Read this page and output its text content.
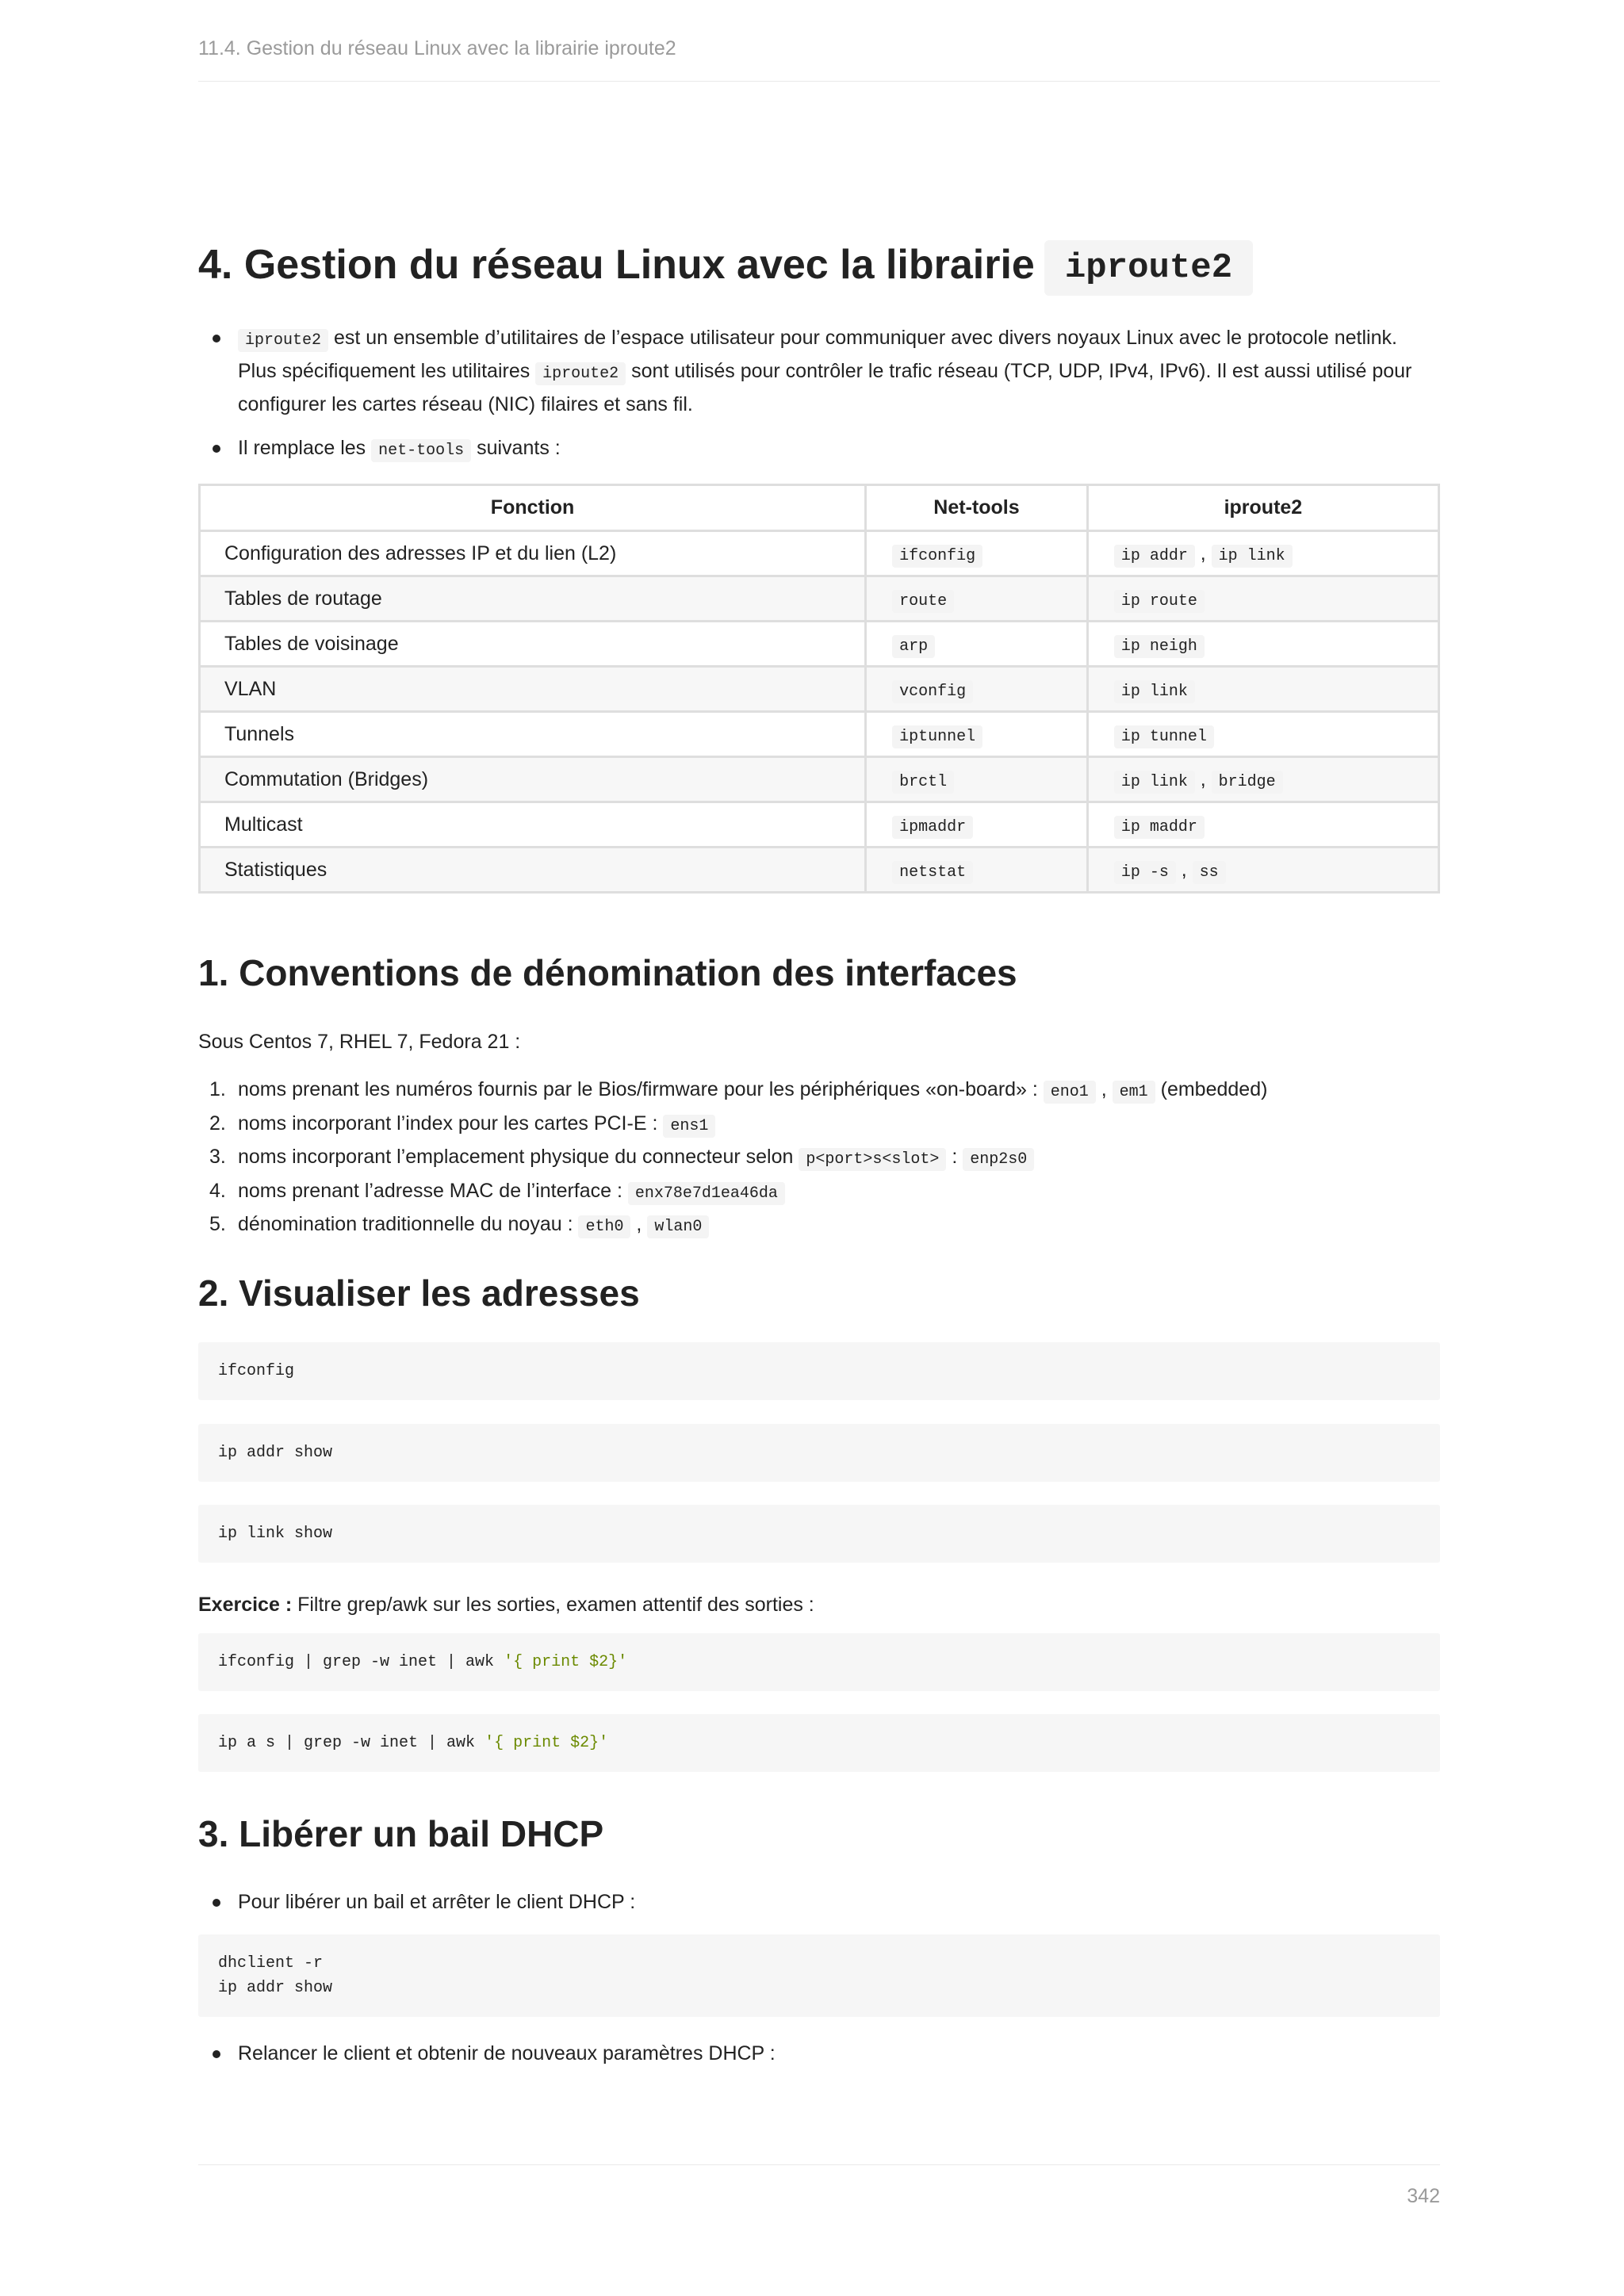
11.4. Gestion du réseau Linux avec la librairie iproute2
4. Gestion du réseau Linux avec la librairie iproute2
iproute2 est un ensemble d’utilitaires de l’espace utilisateur pour communiquer avec divers noyaux Linux avec le protocole netlink. Plus spécifiquement les utilitaires iproute2 sont utilisés pour contrôler le trafic réseau (TCP, UDP, IPv4, IPv6). Il est aussi utilisé pour configurer les cartes réseau (NIC) filaires et sans fil.
Il remplace les net-tools suivants :
Fonction	Net-tools	iproute2
Configuration des adresses IP et du lien (L2)	ifconfig	ip addr , ip link
Tables de routage	route	ip route
Tables de voisinage	arp	ip neigh
VLAN	vconfig	ip link
Tunnels	iptunnel	ip tunnel
Commutation (Bridges)	brctl	ip link , bridge
Multicast	ipmaddr	ip maddr
Statistiques	netstat	ip -s , ss
1. Conventions de dénomination des interfaces
Sous Centos 7, RHEL 7, Fedora 21 :
1. noms prenant les numéros fournis par le Bios/firmware pour les périphériques «on-board» : eno1 , em1 (embedded)
2. noms incorporant l’index pour les cartes PCI-E : ens1
3. noms incorporant l’emplacement physique du connecteur selon p<port>s<slot> : enp2s0
4. noms prenant l’adresse MAC de l’interface : enx78e7d1ea46da
5. dénomination traditionnelle du noyau : eth0 , wlan0
2. Visualiser les adresses
ifconfig
ip addr show
ip link show
Exercice : Filtre grep/awk sur les sorties, examen attentif des sorties :
ifconfig | grep -w inet | awk '{ print $2}'
ip a s | grep -w inet | awk '{ print $2}'
3. Libérer un bail DHCP
Pour libérer un bail et arrêter le client DHCP :
dhclient -r
ip addr show
Relancer le client et obtenir de nouveaux paramètres DHCP :
342
